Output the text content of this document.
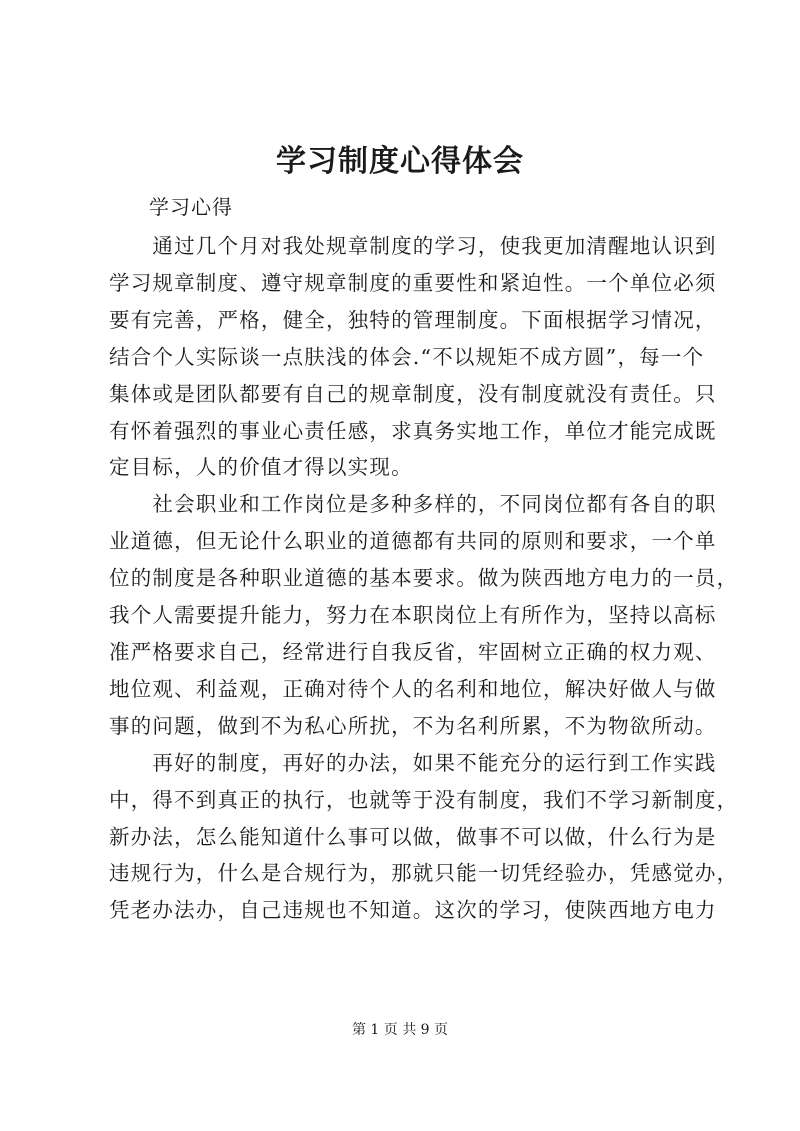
学习制度心得体会
学习心得

　　通过几个月对我处规章制度的学习，使我更加清醒地认识到
学习规章制度、遵守规章制度的重要性和紧迫性。一个单位必须
要有完善，严格，健全，独特的管理制度。下面根据学习情况，
结合个人实际谈一点肤浅的体会.“不以规矩不成方圆”，每一个
集体或是团队都要有自己的规章制度，没有制度就没有责任。只
有怀着强烈的事业心责任感，求真务实地工作，单位才能完成既
定目标，人的价值才得以实现。

　　社会职业和工作岗位是多种多样的，不同岗位都有各自的职
业道德，但无论什么职业的道德都有共同的原则和要求，一个单
位的制度是各种职业道德的基本要求。做为陕西地方电力的一员，
我个人需要提升能力，努力在本职岗位上有所作为，坚持以高标
准严格要求自己，经常进行自我反省，牢固树立正确的权力观、
地位观、利益观，正确对待个人的名利和地位，解决好做人与做
事的问题，做到不为私心所扰，不为名利所累，不为物欲所动。

　　再好的制度，再好的办法，如果不能充分的运行到工作实践
中，得不到真正的执行，也就等于没有制度，我们不学习新制度，
新办法，怎么能知道什么事可以做，做事不可以做，什么行为是
违规行为，什么是合规行为，那就只能一切凭经验办，凭感觉办，
凭老办法办，自己违规也不知道。这次的学习，使陕西地方电力

第 1 页 共 9 页
